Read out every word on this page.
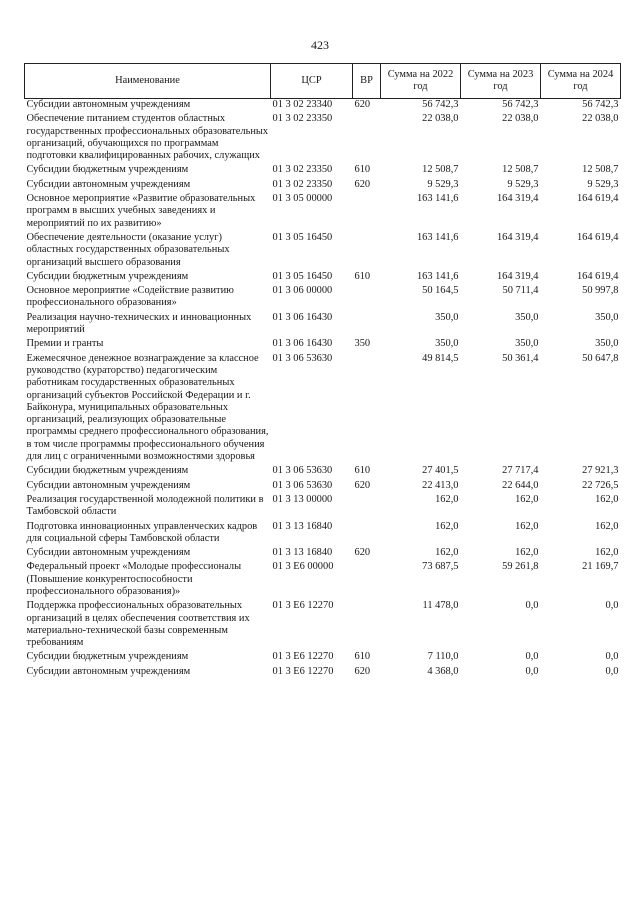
423
Наименование	ЦСР	ВР	Сумма на 2022 год	Сумма на 2023 год	Сумма на 2024 год
Субсидии автономным учреждениям	01 3 02 23340	620	56 742,3	56 742,3	56 742,3
Обеспечение питанием студентов областных государственных профессиональных образовательных организаций, обучающихся по программам подготовки квалифицированных рабочих, служащих	01 3 02 23350		22 038,0	22 038,0	22 038,0
Субсидии бюджетным учреждениям	01 3 02 23350	610	12 508,7	12 508,7	12 508,7
Субсидии автономным учреждениям	01 3 02 23350	620	9 529,3	9 529,3	9 529,3
Основное мероприятие «Развитие образовательных программ в высших учебных заведениях и мероприятий по их развитию»	01 3 05 00000		163 141,6	164 319,4	164 619,4
Обеспечение деятельности (оказание услуг) областных государственных образовательных организаций высшего образования	01 3 05 16450		163 141,6	164 319,4	164 619,4
Субсидии бюджетным учреждениям	01 3 05 16450	610	163 141,6	164 319,4	164 619,4
Основное мероприятие «Содействие развитию профессионального образования»	01 3 06 00000		50 164,5	50 711,4	50 997,8
Реализация научно-технических и инновационных мероприятий	01 3 06 16430		350,0	350,0	350,0
Премии и гранты	01 3 06 16430	350	350,0	350,0	350,0
Ежемесячное денежное вознаграждение за классное руководство (кураторство) педагогическим работникам государственных образовательных организаций субъектов Российской Федерации и г. Байконура, муниципальных образовательных организаций, реализующих образовательные программы среднего профессионального образования, в том числе программы профессионального обучения для лиц с ограниченными возможностями здоровья	01 3 06 53630		49 814,5	50 361,4	50 647,8
Субсидии бюджетным учреждениям	01 3 06 53630	610	27 401,5	27 717,4	27 921,3
Субсидии автономным учреждениям	01 3 06 53630	620	22 413,0	22 644,0	22 726,5
Реализация государственной молодежной политики в Тамбовской области	01 3 13 00000		162,0	162,0	162,0
Подготовка инновационных управленческих кадров для социальной сферы Тамбовской области	01 3 13 16840		162,0	162,0	162,0
Субсидии автономным учреждениям	01 3 13 16840	620	162,0	162,0	162,0
Федеральный проект «Молодые профессионалы (Повышение конкурентоспособности профессионального образования)»	01 3 Е6 00000		73 687,5	59 261,8	21 169,7
Поддержка профессиональных образовательных организаций в целях обеспечения соответствия их материально-технической базы современным требованиям	01 3 Е6 12270		11 478,0	0,0	0,0
Субсидии бюджетным учреждениям	01 3 Е6 12270	610	7 110,0	0,0	0,0
Субсидии автономным учреждениям	01 3 Е6 12270	620	4 368,0	0,0	0,0
